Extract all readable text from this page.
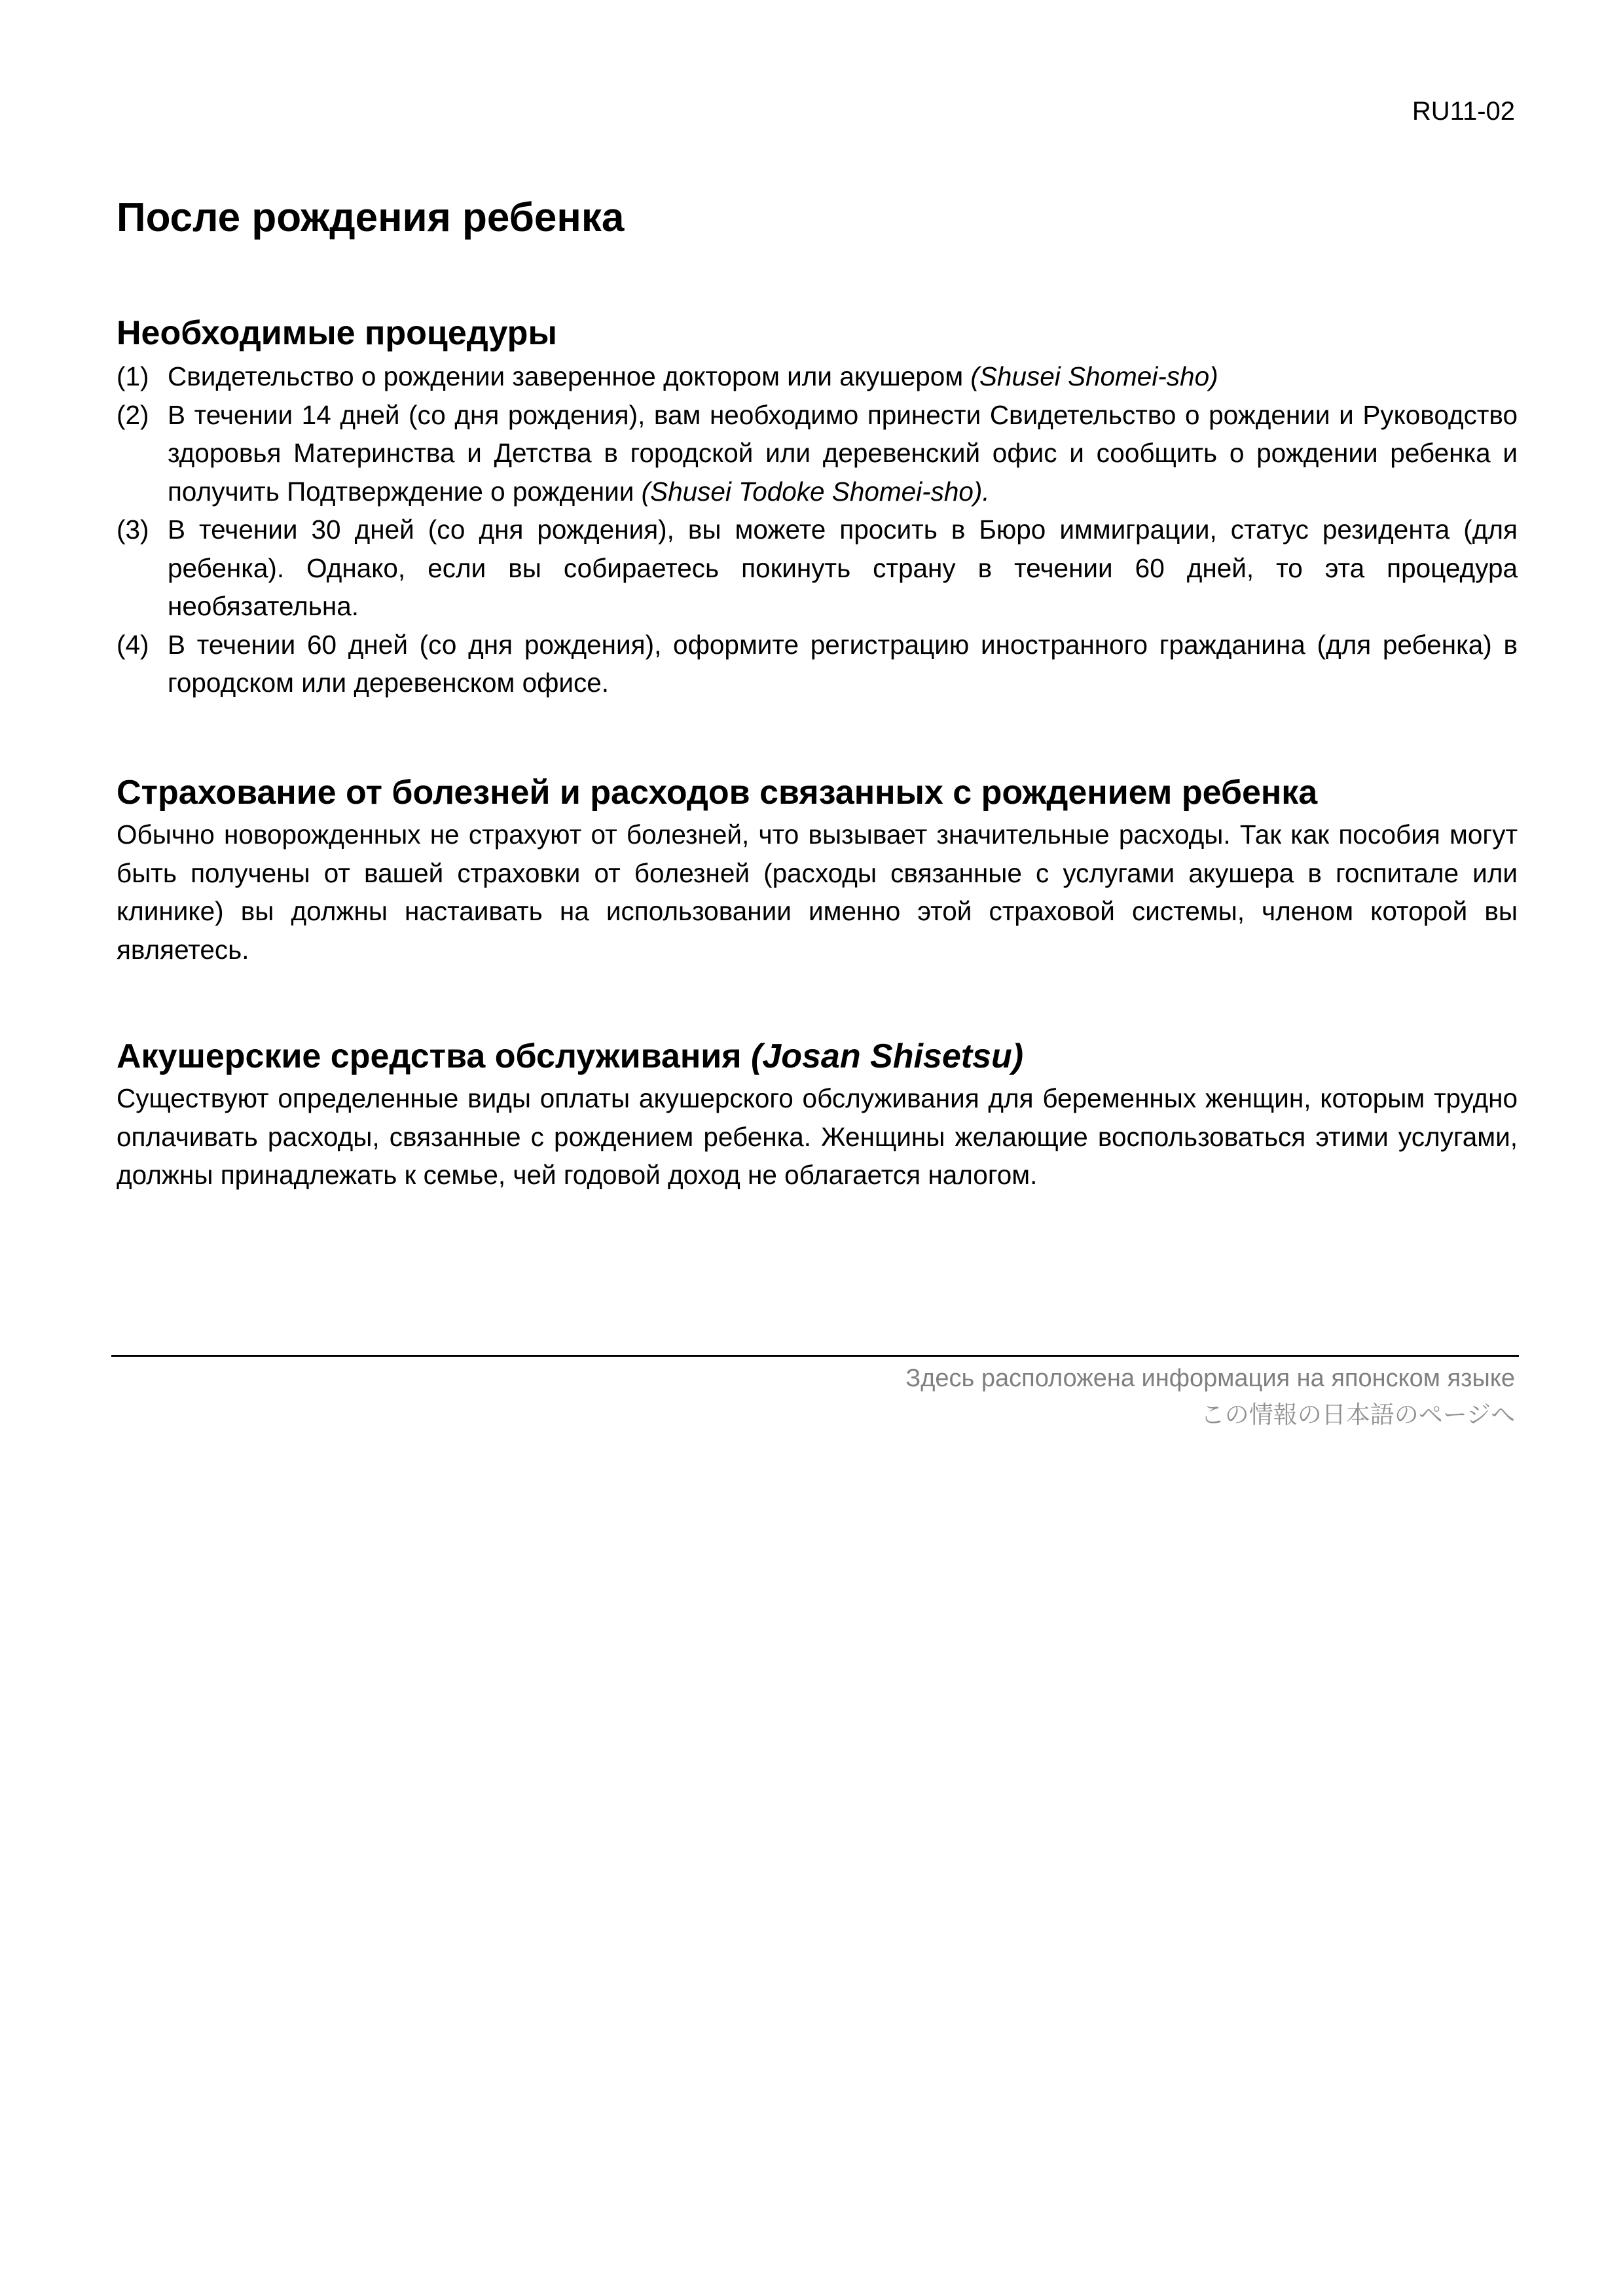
RU11-02
После рождения ребенка
Необходимые процедуры
(1) Свидетельство о рождении заверенное доктором или акушером (Shusei Shomei-sho)
(2) В течении 14 дней (со дня рождения), вам необходимо принести Свидетельство о рождении и Руководство здоровья Материнства и Детства в городской или деревенский офис и сообщить о рождении ребенка и получить Подтверждение о рождении (Shusei Todoke Shomei-sho).
(3) В течении 30 дней (со дня рождения), вы можете просить в Бюро иммиграции, статус резидента (для ребенка). Однако, если вы собираетесь покинуть страну в течении 60 дней, то эта процедура необязательна.
(4) В течении 60 дней (со дня рождения), оформите регистрацию иностранного гражданина (для ребенка) в городском или деревенском офисе.
Страхование от болезней и расходов связанных с рождением ребенка

Обычно новорожденных не страхуют от болезней, что вызывает значительные расходы. Так как пособия могут быть получены от вашей страховки от болезней (расходы связанные с услугами акушера в госпитале или клинике) вы должны настаивать на использовании именно этой страховой системы, членом которой вы являетесь.

Акушерские средства обслуживания (Josan Shisetsu)

Существуют определенные виды оплаты акушерского обслуживания для беременных женщин, которым трудно оплачивать расходы, связанные с рождением ребенка. Женщины желающие воспользоваться этими услугами, должны принадлежать к семье, чей годовой доход не облагается налогом.

Здесь расположена информация на японском языке
この情報の日本語のページへ
